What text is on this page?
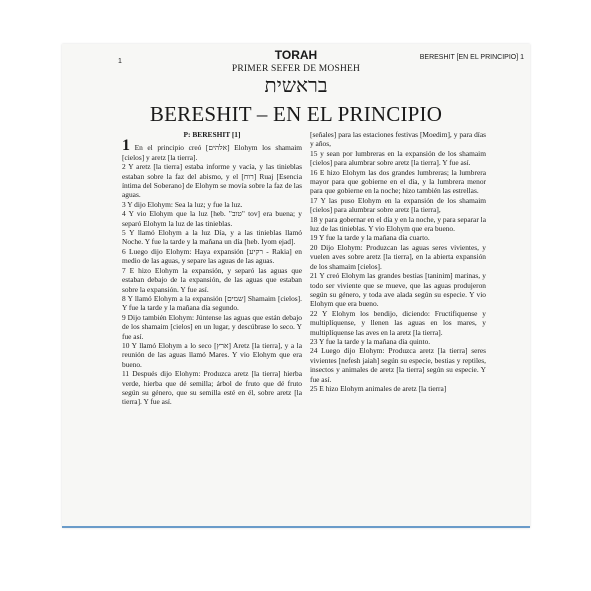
1
BERESHIT [EN EL PRINCIPIO] 1
TORAH
PRIMER SEFER DE MOSHEH
בראשית
BERESHIT – EN EL PRINCIPIO

P: BERESHIT [1]

1 En el principio creó [אלהים] Elohym los shamaim [cielos] y aretz [la tierra].

2 Y aretz [la tierra] estaba informe y vacía, y las tinieblas estaban sobre la faz del abismo, y el [רוח] Ruaj [Esencia íntima del Soberano] de Elohym se movía sobre la faz de las aguas.

3 Y dijo Elohym: Sea la luz; y fue la luz.

4 Y vio Elohym que la luz [heb. "טוב" tov] era buena; y separó Elohym la luz de las tinieblas.

5 Y llamó Elohym a la luz Día, y a las tinieblas llamó Noche. Y fue la tarde y la mañana un día [heb. Iyom ejad].

6 Luego dijo Elohym: Haya expansión [רקיע - Rakia] en medio de las aguas, y separe las aguas de las aguas.

7 E hizo Elohym la expansión, y separó las aguas que estaban debajo de la expansión, de las aguas que estaban sobre la expansión. Y fue así.

8 Y llamó Elohym a la expansión [שמים] Shamaim [cielos]. Y fue la tarde y la mañana día segundo.

9 Dijo también Elohym: Júntense las aguas que están debajo de los shamaim [cielos] en un lugar, y descúbrase lo seco. Y fue así.

10 Y llamó Elohym a lo seco [ארץ] Aretz [la tierra], y a la reunión de las aguas llamó Mares. Y vio Elohym que era bueno.

11 Después dijo Elohym: Produzca aretz [la tierra] hierba verde, hierba que dé semilla; árbol de fruto que dé fruto según su género, que su semilla esté en él, sobre aretz [la tierra]. Y fue así.

[señales] para las estaciones festivas [Moedim], y para días y años,

15 y sean por lumbreras en la expansión de los shamaim [cielos] para alumbrar sobre aretz [la tierra]. Y fue así.

16 E hizo Elohym las dos grandes lumbreras; la lumbrera mayor para que gobierne en el día, y la lumbrera menor para que gobierne en la noche; hizo también las estrellas.

17 Y las puso Elohym en la expansión de los shamaim [cielos] para alumbrar sobre aretz [la tierra],

18 y para gobernar en el día y en la noche, y para separar la luz de las tinieblas. Y vio Elohym que era bueno.

19 Y fue la tarde y la mañana día cuarto.

20 Dijo Elohym: Produzcan las aguas seres vivientes, y vuelen aves sobre aretz [la tierra], en la abierta expansión de los shamaim [cielos].

21 Y creó Elohym las grandes bestias [taninim] marinas, y todo ser viviente que se mueve, que las aguas produjeron según su género, y toda ave alada según su especie. Y vio Elohym que era bueno.

22 Y Elohym los bendijo, diciendo: Fructifiquense y multiplíquense, y llenen las aguas en los mares, y multiplíquense las aves en la aretz [la tierra].

23 Y fue la tarde y la mañana día quinto.

24 Luego dijo Elohym: Produzca aretz [la tierra] seres vivientes [nefesh jaiah] según su especie, bestias y reptiles, insectos y animales de aretz [la tierra] según su especie. Y fue así.

25 E hizo Elohym animales de aretz [la tierra]
